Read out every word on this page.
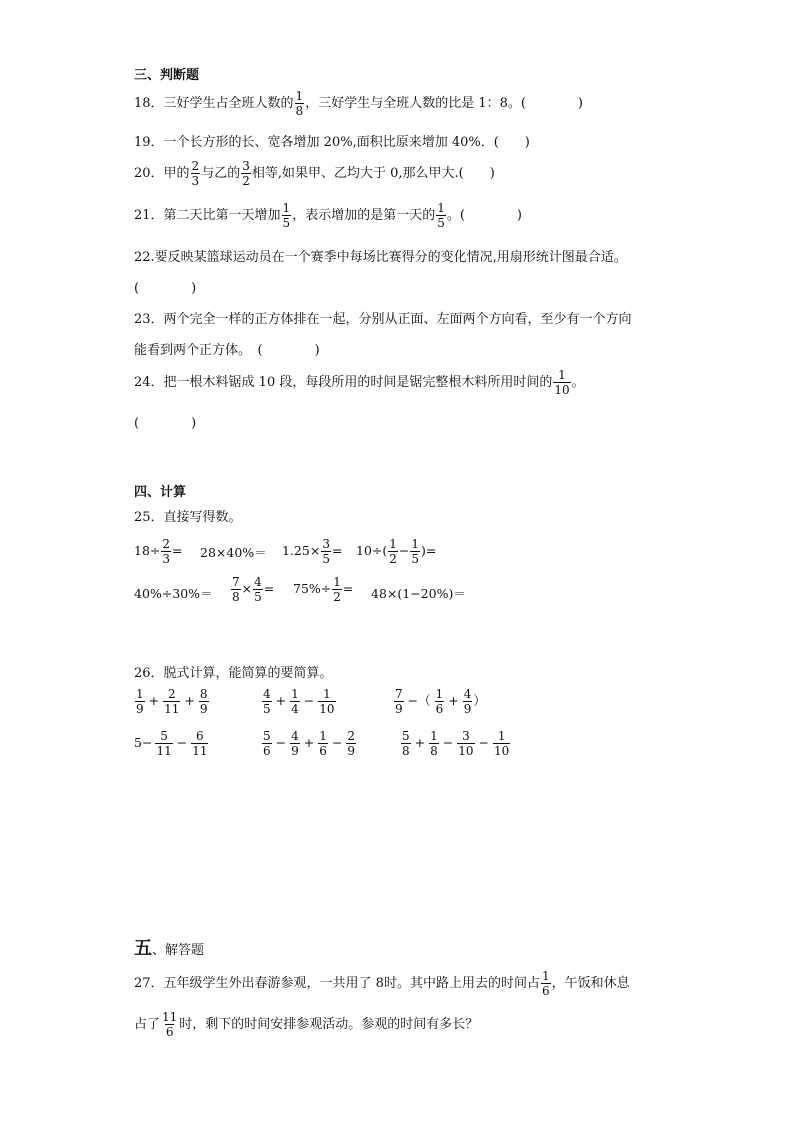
三、判断题
18．三好学生占全班人数的 $\frac{1}{8}$ ，三好学生与全班人数的比是 1：8。(　　　　)
19．一个长方形的长、宽各增加 20%,面积比原来增加 40%．(　　)
20．甲的 $\frac{2}{3}$ 与乙的 $\frac{3}{2}$ 相等,如果甲、乙均大于 0,那么甲大.(　　)
21．第二天比第一天增加 $\frac{1}{5}$ ，表示增加的是第一天的 $\frac{1}{5}$ 。(　　　　)
22.要反映某篮球运动员在一个赛季中每场比赛得分的变化情况,用扇形统计图最合适。
(　　　　)
23．两个完全一样的正方体排在一起，分别从正面、左面两个方向看，至少有一个方向
能看到两个正方体。　(　　　　)
24．把一根木料锯成 10 段，每段所用的时间是锯完整根木料所用时间的 $\frac{1}{10}$ 。
(　　　　)
四、计算
25．直接写得数。
$18\div \frac{2}{3} = 28\times 40\%= 1.25\times \frac{3}{5} = 10\div( \frac{1}{2} - \frac{1}{5}$ )=
$40\%\div 30\%= \frac{7}{8} \times \frac{4}{5} = 75\%\div \frac{1}{2} = 48\times(1-20\%)=$
26．脱式计算，能简算的要简算。
$\frac{1}{9} + \frac{2}{11} + \frac{8}{9}$	$\frac{4}{5} + \frac{1}{4} - \frac{1}{10}$	$\frac{7}{9}$ −（ $\frac{1}{6} + \frac{4}{9}$ ）
$5- \frac{5}{11} - \frac{6}{11}$	$\frac{5}{6} - \frac{4}{9} + \frac{1}{6} - \frac{2}{9}$	$\frac{5}{8} + \frac{1}{8} - \frac{3}{10} - \frac{1}{10}$
五、解答题
27．五年级学生外出春游参观，一共用了 8时。其中路上用去的时间占 $\frac{1}{6}$ ，午饭和休息
占了 $\frac{11}{6}$ 时，剩下的时间安排参观活动。参观的时间有多长？
